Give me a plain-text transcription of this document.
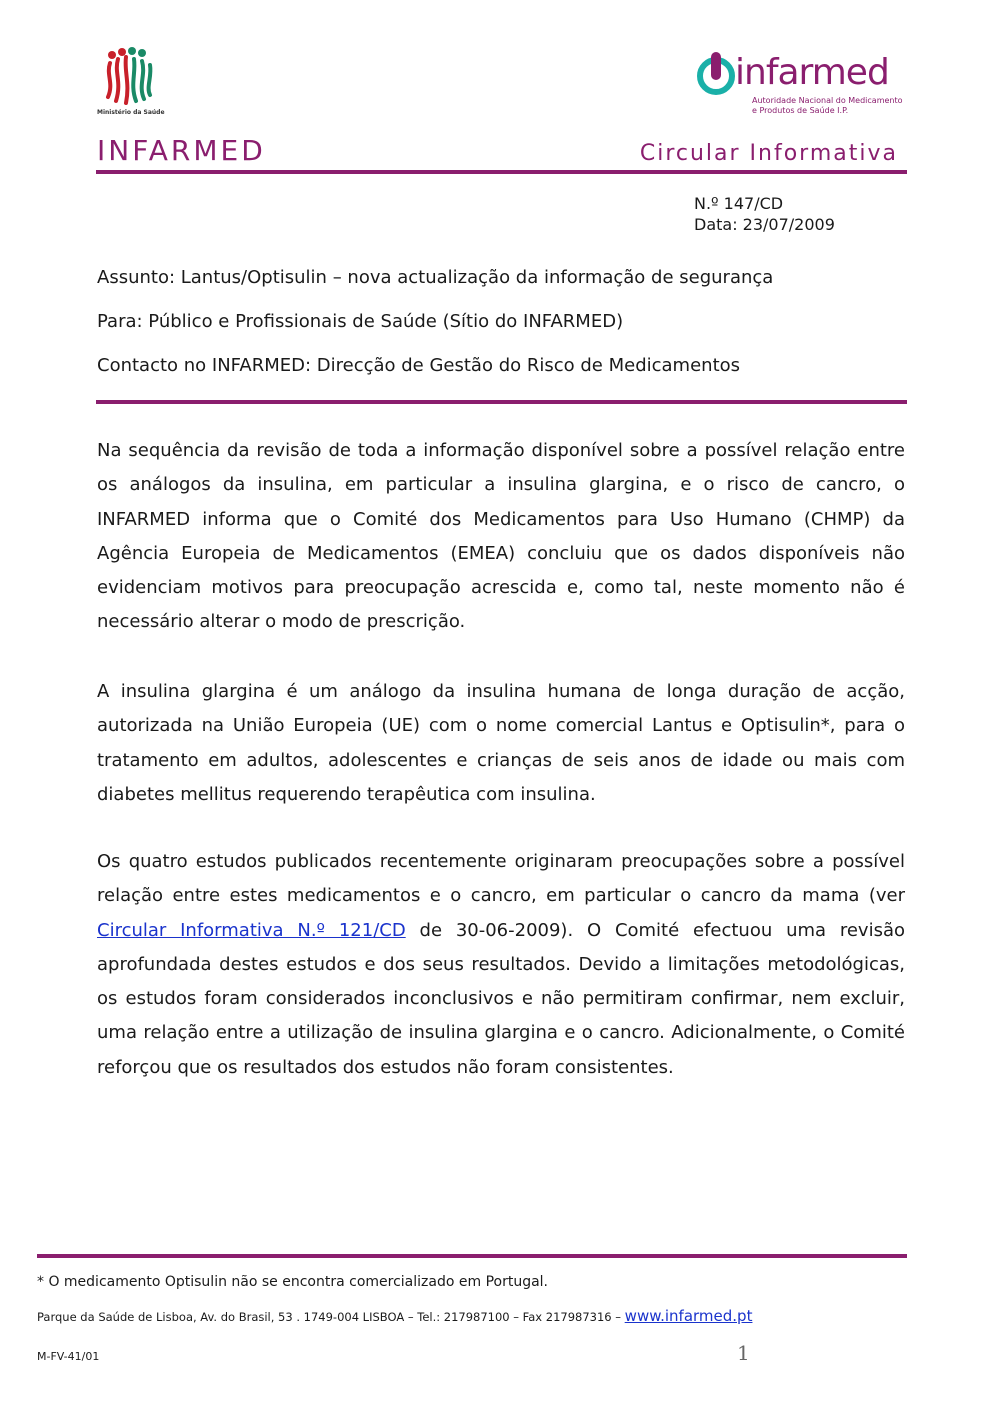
Ministério da Saúde
infarmed
Autoridade Nacional do Medicamento
e Produtos de Saúde I.P.
INFARMED	Circular Informativa
N.º 147/CD
Data: 23/07/2009
Assunto: Lantus/Optisulin – nova actualização da informação de segurança
Para: Público e Profissionais de Saúde (Sítio do INFARMED)
Contacto no INFARMED: Direcção de Gestão do Risco de Medicamentos
Na sequência da revisão de toda a informação disponível sobre a possível relação entre os análogos da insulina, em particular a insulina glargina, e o risco de cancro, o INFARMED informa que o Comité dos Medicamentos para Uso Humano (CHMP) da Agência Europeia de Medicamentos (EMEA) concluiu que os dados disponíveis não evidenciam motivos para preocupação acrescida e, como tal, neste momento não é necessário alterar o modo de prescrição.
A insulina glargina é um análogo da insulina humana de longa duração de acção, autorizada na União Europeia (UE) com o nome comercial Lantus e Optisulin*, para o tratamento em adultos, adolescentes e crianças de seis anos de idade ou mais com diabetes mellitus requerendo terapêutica com insulina.
Os quatro estudos publicados recentemente originaram preocupações sobre a possível relação entre estes medicamentos e o cancro, em particular o cancro da mama (ver Circular Informativa N.º 121/CD de 30-06-2009). O Comité efectuou uma revisão aprofundada destes estudos e dos seus resultados. Devido a limitações metodológicas, os estudos foram considerados inconclusivos e não permitiram confirmar, nem excluir, uma relação entre a utilização de insulina glargina e o cancro. Adicionalmente, o Comité reforçou que os resultados dos estudos não foram consistentes.
* O medicamento Optisulin não se encontra comercializado em Portugal.
Parque da Saúde de Lisboa, Av. do Brasil, 53 . 1749-004 LISBOA – Tel.: 217987100 – Fax 217987316 – www.infarmed.pt
M-FV-41/01	1
